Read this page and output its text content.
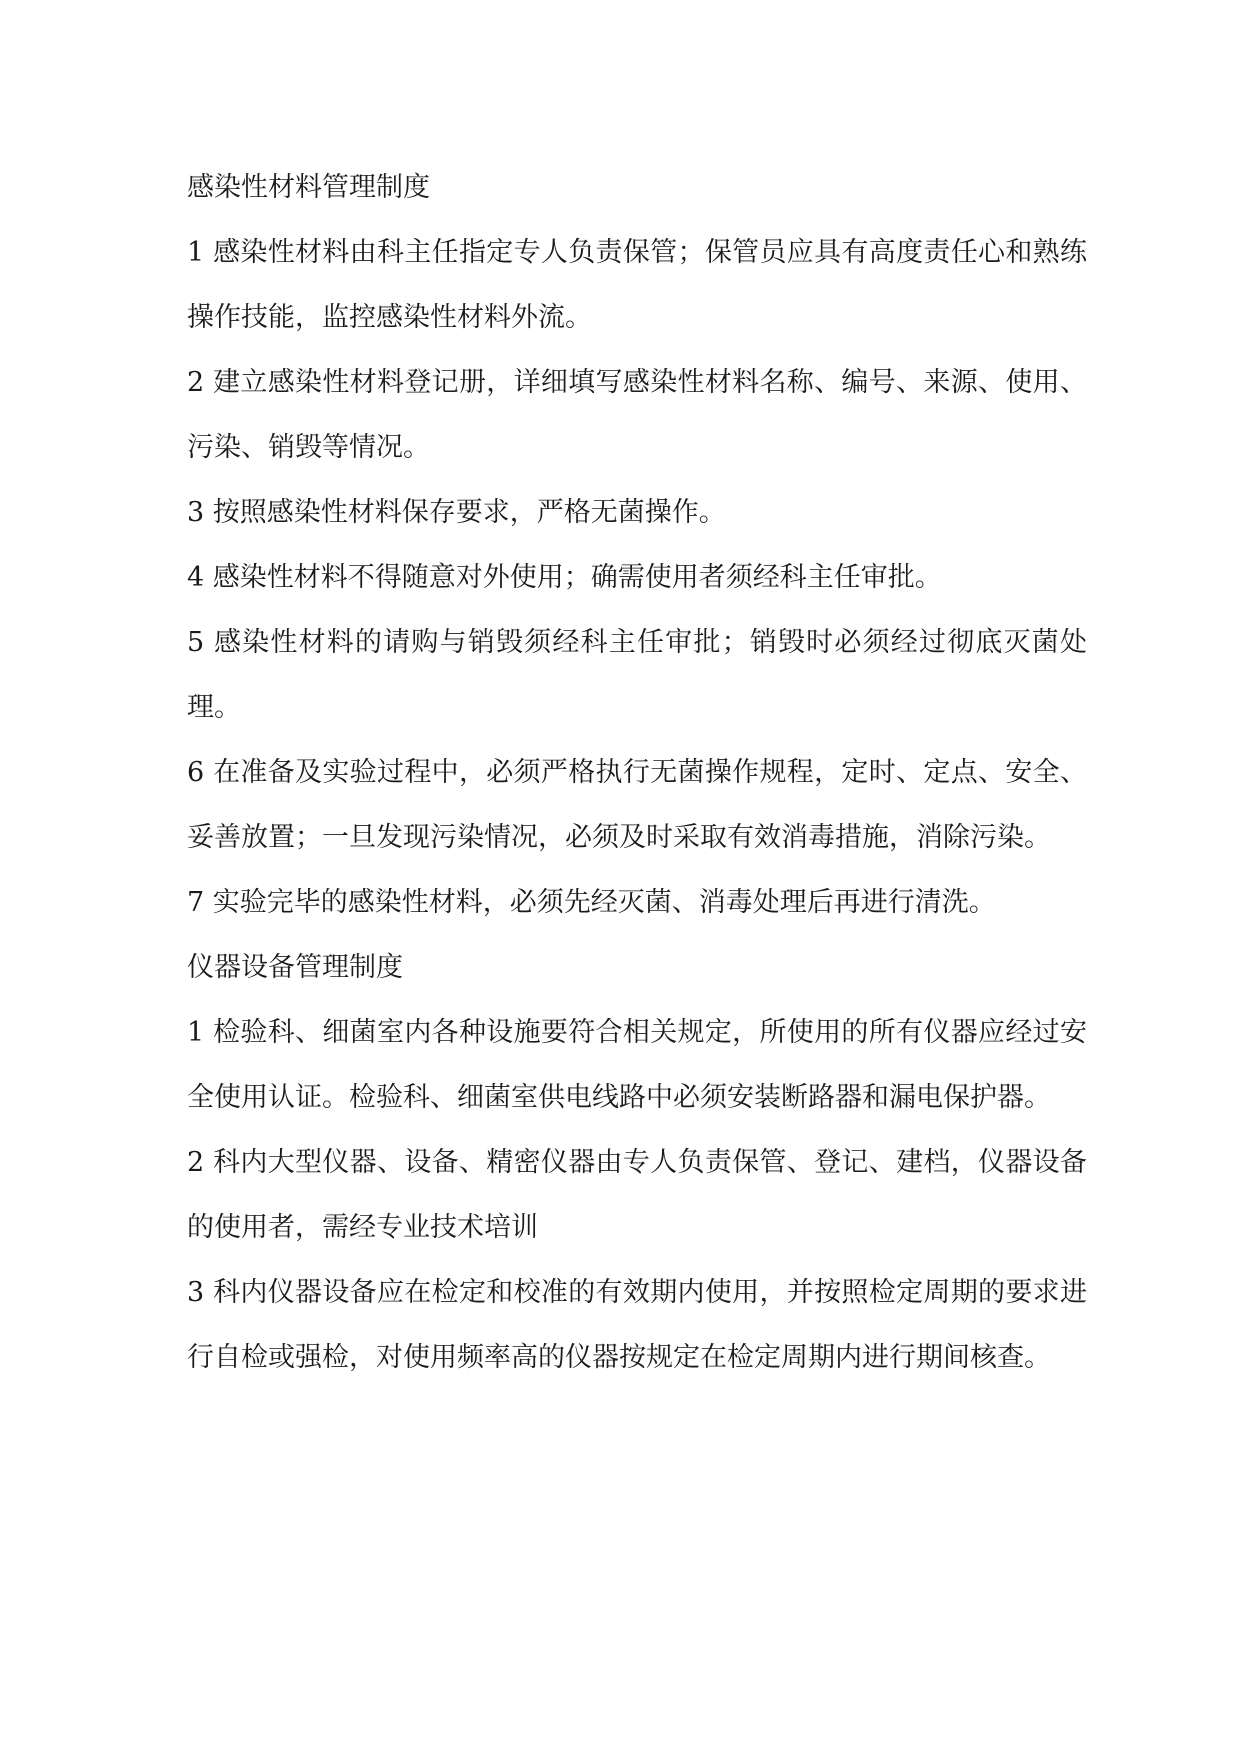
感染性材料管理制度

1 感染性材料由科主任指定专人负责保管；保管员应具有高度责任心和熟练操作技能，监控感染性材料外流。

2 建立感染性材料登记册，详细填写感染性材料名称、编号、来源、使用、污染、销毁等情况。

3 按照感染性材料保存要求，严格无菌操作。

4 感染性材料不得随意对外使用；确需使用者须经科主任审批。

5 感染性材料的请购与销毁须经科主任审批；销毁时必须经过彻底灭菌处理。

6 在准备及实验过程中，必须严格执行无菌操作规程，定时、定点、安全、妥善放置；一旦发现污染情况，必须及时采取有效消毒措施，消除污染。

7 实验完毕的感染性材料，必须先经灭菌、消毒处理后再进行清洗。

仪器设备管理制度

1 检验科、细菌室内各种设施要符合相关规定，所使用的所有仪器应经过安全使用认证。检验科、细菌室供电线路中必须安装断路器和漏电保护器。

2 科内大型仪器、设备、精密仪器由专人负责保管、登记、建档，仪器设备的使用者，需经专业技术培训

3 科内仪器设备应在检定和校准的有效期内使用，并按照检定周期的要求进行自检或强检，对使用频率高的仪器按规定在检定周期内进行期间核查。
